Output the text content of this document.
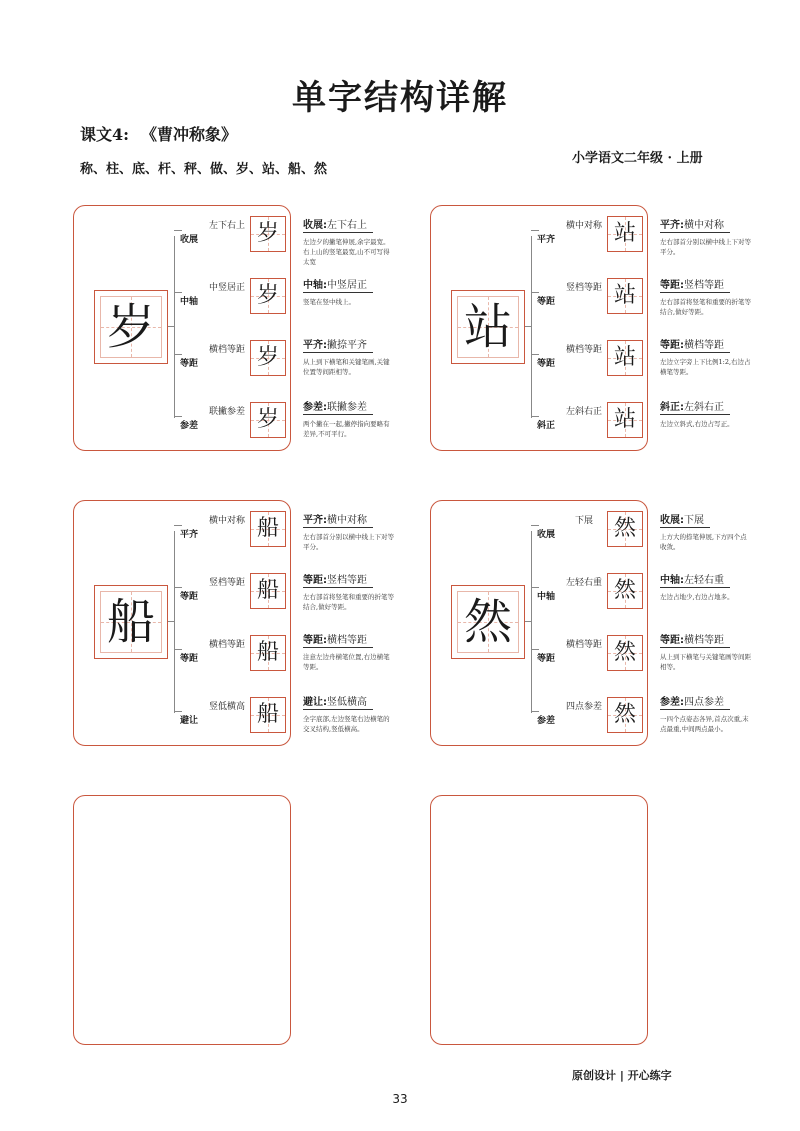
单字结构详解
课文4: 《曹冲称象》
称、柱、底、杆、秤、做、岁、站、船、然
小学语文二年级 · 上册
岁
收展
左下右上 岁
中轴
中竖居正 岁
等距
横档等距 岁
参差
联撇参差 岁
收展:左下右上
左边夕的撇笔伸展,余字最宽。右上山的竖笔最宽,山不可写得太宽
中轴:中竖居正
竖笔在竖中线上。
平齐:撇捺平齐
从上到下横笔和关键笔画,关键位置等间距相等。
参差:联撇参差
两个撇在一起,撇停指向要略有差异,不可平行。
站
平齐
横中对称 站
等距
竖档等距 站
等距
横档等距 站
斜正
左斜右正 站
平齐:横中对称
左右部首分别以横中线上下对等平分。
等距:竖档等距
左右部首将竖笔和重要的折笔等结合,做好等距。
等距:横档等距
左边立字旁上下比例1:2,右边占横笔等距。
斜正:左斜右正
左边立斜式,右边占写正。
船
平齐
横中对称 船
等距
竖档等距 船
等距
横档等距 船
避让
竖低横高 船
平齐:横中对称
左右部首分别以横中线上下对等平分。
等距:竖档等距
左右部首将竖笔和重要的折笔等结合,做好等距。
等距:横档等距
注意左边舟横笔位置,右边横笔等距。
避让:竖低横高
全字底部,左边竖笔右边横笔的交叉结构,竖低横高。
然
收展
下展 然
中轴
左轻右重 然
等距
横档等距 然
参差
四点参差 然
收展:下展
上方大的捺笔伸展,下方四个点收敛。
中轴:左轻右重
左边占地少,右边占地多。
等距:横档等距
从上到下横笔与关键笔画等间距相等。
参差:四点参差
一四个点姿态各异,首点次重,末点最重,中间两点最小。
原创设计 | 开心练字
33
